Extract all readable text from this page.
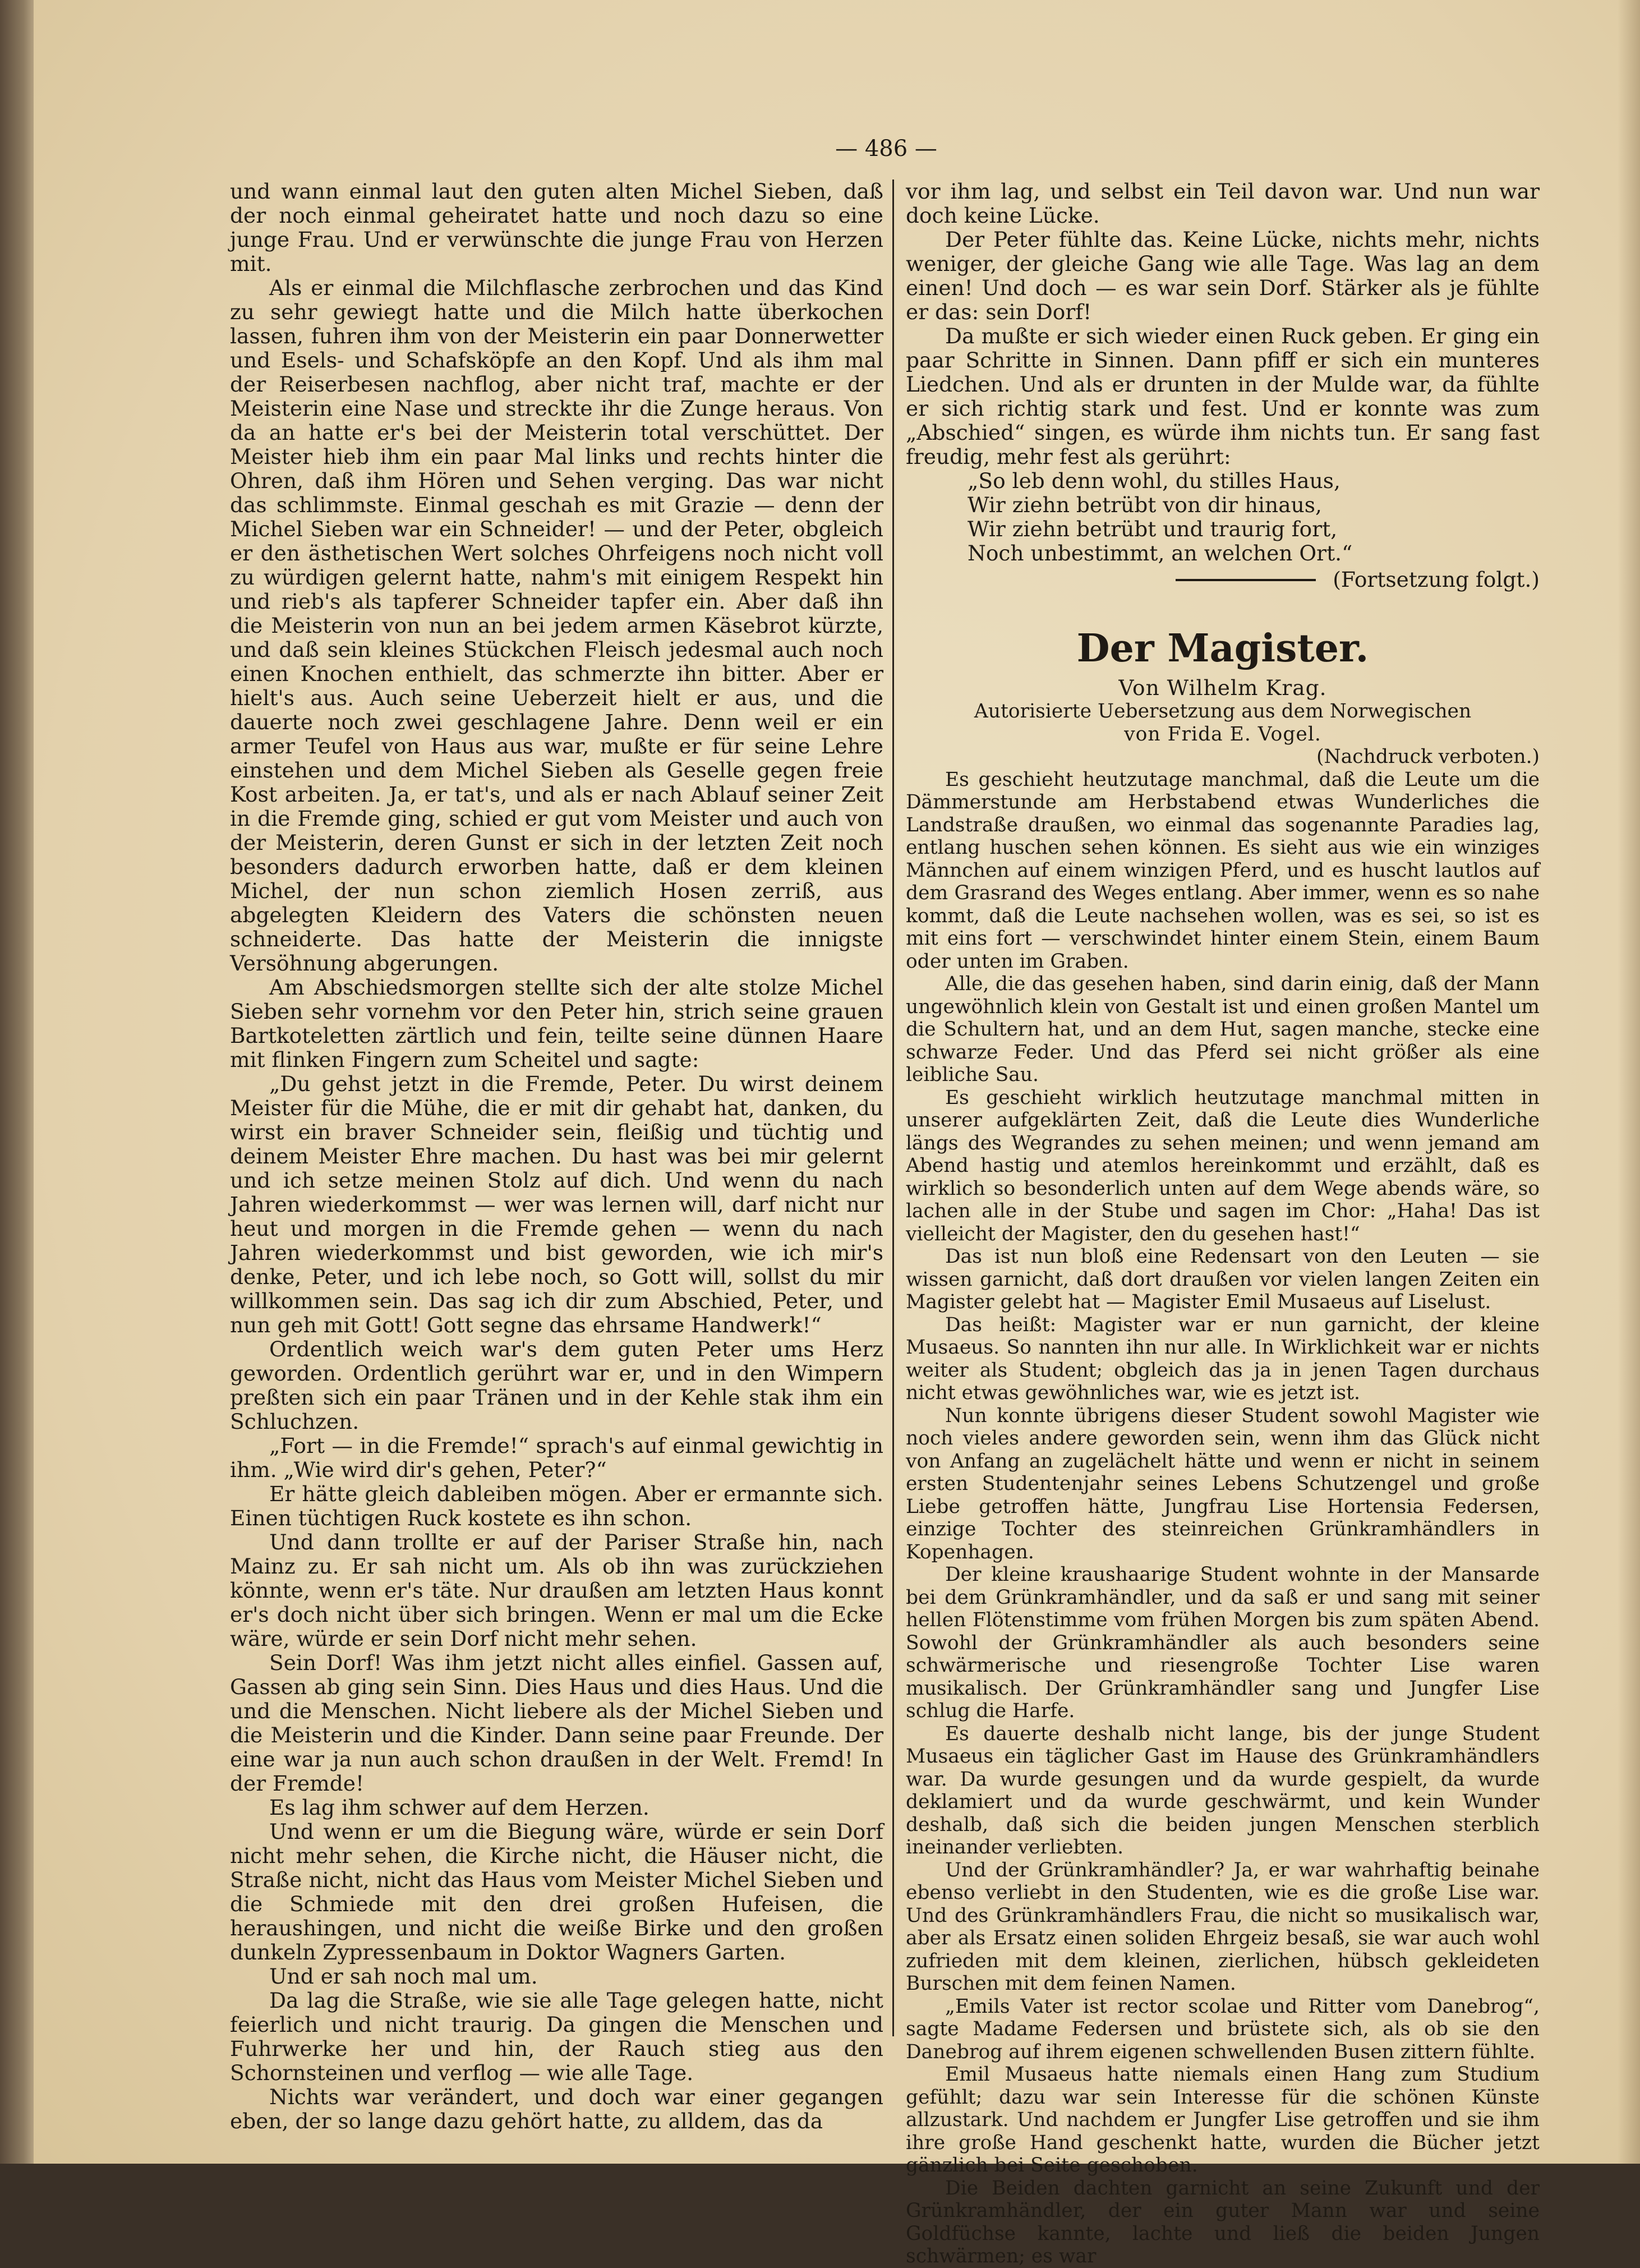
— 486 —

und wann einmal laut den guten alten Michel Sieben, daß der noch einmal geheiratet hatte und noch dazu so eine junge Frau. Und er verwünschte die junge Frau von Herzen mit.

Als er einmal die Milchflasche zerbrochen und das Kind zu sehr gewiegt hatte und die Milch hatte überkochen lassen, fuhren ihm von der Meisterin ein paar Donnerwetter und Esels- und Schafsköpfe an den Kopf. Und als ihm mal der Reiserbesen nachflog, aber nicht traf, machte er der Meisterin eine Nase und streckte ihr die Zunge heraus. Von da an hatte er's bei der Meisterin total verschüttet. Der Meister hieb ihm ein paar Mal links und rechts hinter die Ohren, daß ihm Hören und Sehen verging. Das war nicht das schlimmste. Einmal geschah es mit Grazie — denn der Michel Sieben war ein Schneider! — und der Peter, obgleich er den ästhetischen Wert solches Ohrfeigens noch nicht voll zu würdigen gelernt hatte, nahm's mit einigem Respekt hin und rieb's als tapferer Schneider tapfer ein. Aber daß ihn die Meisterin von nun an bei jedem armen Käsebrot kürzte, und daß sein kleines Stückchen Fleisch jedesmal auch noch einen Knochen enthielt, das schmerzte ihn bitter. Aber er hielt's aus. Auch seine Ueberzeit hielt er aus, und die dauerte noch zwei geschlagene Jahre. Denn weil er ein armer Teufel von Haus aus war, mußte er für seine Lehre einstehen und dem Michel Sieben als Geselle gegen freie Kost arbeiten. Ja, er tat's, und als er nach Ablauf seiner Zeit in die Fremde ging, schied er gut vom Meister und auch von der Meisterin, deren Gunst er sich in der letzten Zeit noch besonders dadurch erworben hatte, daß er dem kleinen Michel, der nun schon ziemlich Hosen zerriß, aus abgelegten Kleidern des Vaters die schönsten neuen schneiderte. Das hatte der Meisterin die innigste Versöhnung abgerungen.

Am Abschiedsmorgen stellte sich der alte stolze Michel Sieben sehr vornehm vor den Peter hin, strich seine grauen Bartkoteletten zärtlich und fein, teilte seine dünnen Haare mit flinken Fingern zum Scheitel und sagte:

„Du gehst jetzt in die Fremde, Peter. Du wirst deinem Meister für die Mühe, die er mit dir gehabt hat, danken, du wirst ein braver Schneider sein, fleißig und tüchtig und deinem Meister Ehre machen. Du hast was bei mir gelernt und ich setze meinen Stolz auf dich. Und wenn du nach Jahren wiederkommst — wer was lernen will, darf nicht nur heut und morgen in die Fremde gehen — wenn du nach Jahren wiederkommst und bist geworden, wie ich mir's denke, Peter, und ich lebe noch, so Gott will, sollst du mir willkommen sein. Das sag ich dir zum Abschied, Peter, und nun geh mit Gott! Gott segne das ehrsame Handwerk!“

Ordentlich weich war's dem guten Peter ums Herz geworden. Ordentlich gerührt war er, und in den Wimpern preßten sich ein paar Tränen und in der Kehle stak ihm ein Schluchzen.

„Fort — in die Fremde!“ sprach's auf einmal gewichtig in ihm. „Wie wird dir's gehen, Peter?“

Er hätte gleich dableiben mögen. Aber er ermannte sich. Einen tüchtigen Ruck kostete es ihn schon.

Und dann trollte er auf der Pariser Straße hin, nach Mainz zu. Er sah nicht um. Als ob ihn was zurückziehen könnte, wenn er's täte. Nur draußen am letzten Haus konnt er's doch nicht über sich bringen. Wenn er mal um die Ecke wäre, würde er sein Dorf nicht mehr sehen.

Sein Dorf! Was ihm jetzt nicht alles einfiel. Gassen auf, Gassen ab ging sein Sinn. Dies Haus und dies Haus. Und die und die Menschen. Nicht liebere als der Michel Sieben und die Meisterin und die Kinder. Dann seine paar Freunde. Der eine war ja nun auch schon draußen in der Welt. Fremd! In der Fremde!

Es lag ihm schwer auf dem Herzen.

Und wenn er um die Biegung wäre, würde er sein Dorf nicht mehr sehen, die Kirche nicht, die Häuser nicht, die Straße nicht, nicht das Haus vom Meister Michel Sieben und die Schmiede mit den drei großen Hufeisen, die heraushingen, und nicht die weiße Birke und den großen dunkeln Zypressenbaum in Doktor Wagners Garten.

Und er sah noch mal um.

Da lag die Straße, wie sie alle Tage gelegen hatte, nicht feierlich und nicht traurig. Da gingen die Menschen und Fuhrwerke her und hin, der Rauch stieg aus den Schornsteinen und verflog — wie alle Tage.

Nichts war verändert, und doch war einer gegangen eben, der so lange dazu gehört hatte, zu alldem, das da

vor ihm lag, und selbst ein Teil davon war. Und nun war doch keine Lücke.

Der Peter fühlte das. Keine Lücke, nichts mehr, nichts weniger, der gleiche Gang wie alle Tage. Was lag an dem einen! Und doch — es war sein Dorf. Stärker als je fühlte er das: sein Dorf!

Da mußte er sich wieder einen Ruck geben. Er ging ein paar Schritte in Sinnen. Dann pfiff er sich ein munteres Liedchen. Und als er drunten in der Mulde war, da fühlte er sich richtig stark und fest. Und er konnte was zum „Abschied“ singen, es würde ihm nichts tun. Er sang fast freudig, mehr fest als gerührt:

„So leb denn wohl, du stilles Haus,
Wir ziehn betrübt von dir hinaus,
Wir ziehn betrübt und traurig fort,
Noch unbestimmt, an welchen Ort.“
(Fortsetzung folgt.)
Der Magister.
Von Wilhelm Krag.
Autorisierte Uebersetzung aus dem Norwegischen
von Frida E. Vogel.
(Nachdruck verboten.)

Es geschieht heutzutage manchmal, daß die Leute um die Dämmerstunde am Herbstabend etwas Wunderliches die Landstraße draußen, wo einmal das sogenannte Paradies lag, entlang huschen sehen können. Es sieht aus wie ein winziges Männchen auf einem winzigen Pferd, und es huscht lautlos auf dem Grasrand des Weges entlang. Aber immer, wenn es so nahe kommt, daß die Leute nachsehen wollen, was es sei, so ist es mit eins fort — verschwindet hinter einem Stein, einem Baum oder unten im Graben.

Alle, die das gesehen haben, sind darin einig, daß der Mann ungewöhnlich klein von Gestalt ist und einen großen Mantel um die Schultern hat, und an dem Hut, sagen manche, stecke eine schwarze Feder. Und das Pferd sei nicht größer als eine leibliche Sau.

Es geschieht wirklich heutzutage manchmal mitten in unserer aufgeklärten Zeit, daß die Leute dies Wunderliche längs des Wegrandes zu sehen meinen; und wenn jemand am Abend hastig und atemlos hereinkommt und erzählt, daß es wirklich so besonderlich unten auf dem Wege abends wäre, so lachen alle in der Stube und sagen im Chor: „Haha! Das ist vielleicht der Magister, den du gesehen hast!“

Das ist nun bloß eine Redensart von den Leuten — sie wissen garnicht, daß dort draußen vor vielen langen Zeiten ein Magister gelebt hat — Magister Emil Musaeus auf Liselust.

Das heißt: Magister war er nun garnicht, der kleine Musaeus. So nannten ihn nur alle. In Wirklichkeit war er nichts weiter als Student; obgleich das ja in jenen Tagen durchaus nicht etwas gewöhnliches war, wie es jetzt ist.

Nun konnte übrigens dieser Student sowohl Magister wie noch vieles andere geworden sein, wenn ihm das Glück nicht von Anfang an zugelächelt hätte und wenn er nicht in seinem ersten Studentenjahr seines Lebens Schutzengel und große Liebe getroffen hätte, Jungfrau Lise Hortensia Federsen, einzige Tochter des steinreichen Grünkramhändlers in Kopenhagen.

Der kleine kraushaarige Student wohnte in der Mansarde bei dem Grünkramhändler, und da saß er und sang mit seiner hellen Flötenstimme vom frühen Morgen bis zum späten Abend. Sowohl der Grünkramhändler als auch besonders seine schwärmerische und riesengroße Tochter Lise waren musikalisch. Der Grünkramhändler sang und Jungfer Lise schlug die Harfe.

Es dauerte deshalb nicht lange, bis der junge Student Musaeus ein täglicher Gast im Hause des Grünkramhändlers war. Da wurde gesungen und da wurde gespielt, da wurde deklamiert und da wurde geschwärmt, und kein Wunder deshalb, daß sich die beiden jungen Menschen sterblich ineinander verliebten.

Und der Grünkramhändler? Ja, er war wahrhaftig beinahe ebenso verliebt in den Studenten, wie es die große Lise war. Und des Grünkramhändlers Frau, die nicht so musikalisch war, aber als Ersatz einen soliden Ehrgeiz besaß, sie war auch wohl zufrieden mit dem kleinen, zierlichen, hübsch gekleideten Burschen mit dem feinen Namen.

„Emils Vater ist rector scolae und Ritter vom Danebrog“, sagte Madame Federsen und brüstete sich, als ob sie den Danebrog auf ihrem eigenen schwellenden Busen zittern fühlte.

Emil Musaeus hatte niemals einen Hang zum Studium gefühlt; dazu war sein Interesse für die schönen Künste allzustark. Und nachdem er Jungfer Lise getroffen und sie ihm ihre große Hand geschenkt hatte, wurden die Bücher jetzt gänzlich bei Seite geschoben.

Die Beiden dachten garnicht an seine Zukunft und der Grünkramhändler, der ein guter Mann war und seine Goldfüchse kannte, lachte und ließ die beiden Jungen schwärmen; es war
